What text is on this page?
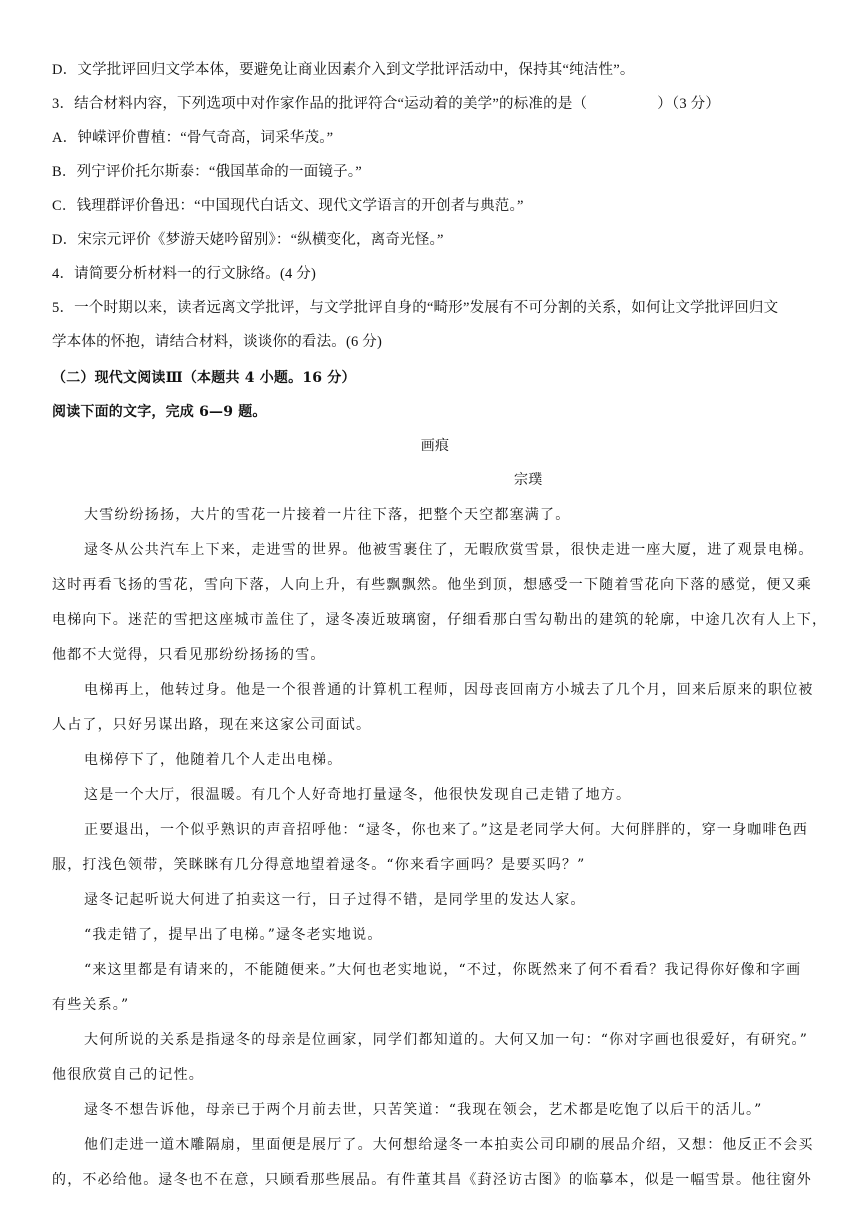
D．文学批评回归文学本体，要避免让商业因素介入到文学批评活动中，保持其“纯洁性”。
3．结合材料内容，下列选项中对作家作品的批评符合“运动着的美学”的标准的是（	）（3 分）
A．钟嵘评价曹植：“骨气奇高，词采华茂。”
B．列宁评价托尔斯泰：“俄国革命的一面镜子。”
C．钱理群评价鲁迅：“中国现代白话文、现代文学语言的开创者与典范。”
D．宋宗元评价《梦游天姥吟留别》：“纵横变化，离奇光怪。”
4．请简要分析材料一的行文脉络。(4 分)
5．一个时期以来，读者远离文学批评，与文学批评自身的“畸形”发展有不可分割的关系，如何让文学批评回归文
学本体的怀抱，请结合材料，谈谈你的看法。(6 分)
（二）现代文阅读Ⅲ（本题共 4 小题。16 分）
阅读下面的文字，完成 6—9 题。
画痕
宗璞
大雪纷纷扬扬，大片的雪花一片接着一片往下落，把整个天空都塞满了。
逯冬从公共汽车上下来，走进雪的世界。他被雪裹住了，无暇欣赏雪景，很快走进一座大厦，进了观景电梯。
这时再看飞扬的雪花，雪向下落，人向上升，有些飘飘然。他坐到顶，想感受一下随着雪花向下落的感觉，便又乘
电梯向下。迷茫的雪把这座城市盖住了，逯冬凑近玻璃窗，仔细看那白雪勾勒出的建筑的轮廓，中途几次有人上下，
他都不大觉得，只看见那纷纷扬扬的雪。
电梯再上，他转过身。他是一个很普通的计算机工程师，因母丧回南方小城去了几个月，回来后原来的职位被
人占了，只好另谋出路，现在来这家公司面试。
电梯停下了，他随着几个人走出电梯。
这是一个大厅，很温暖。有几个人好奇地打量逯冬，他很快发现自己走错了地方。
正要退出，一个似乎熟识的声音招呼他：“逯冬，你也来了。”这是老同学大何。大何胖胖的，穿一身咖啡色西
服，打浅色领带，笑眯眯有几分得意地望着逯冬。“你来看字画吗？是要买吗？”
逯冬记起听说大何进了拍卖这一行，日子过得不错，是同学里的发达人家。
“我走错了，提早出了电梯。”逯冬老实地说。
“来这里都是有请来的，不能随便来。”大何也老实地说，“不过，你既然来了何不看看？我记得你好像和字画
有些关系。”
大何所说的关系是指逯冬的母亲是位画家，同学们都知道的。大何又加一句：“你对字画也很爱好，有研究。”
他很欣赏自己的记性。
逯冬不想告诉他，母亲已于两个月前去世，只苦笑道：“我现在领会，艺术都是吃饱了以后干的活儿。”
他们走进一道木雕隔扇，里面便是展厅了。大何想给逯冬一本拍卖公司印刷的展品介绍，又想：他反正不会买
的，不必给他。逯冬也不在意，只顾看那些展品。有件董其昌《葑泾访古图》的临摹本，似是一幅雪景。他往窗外
